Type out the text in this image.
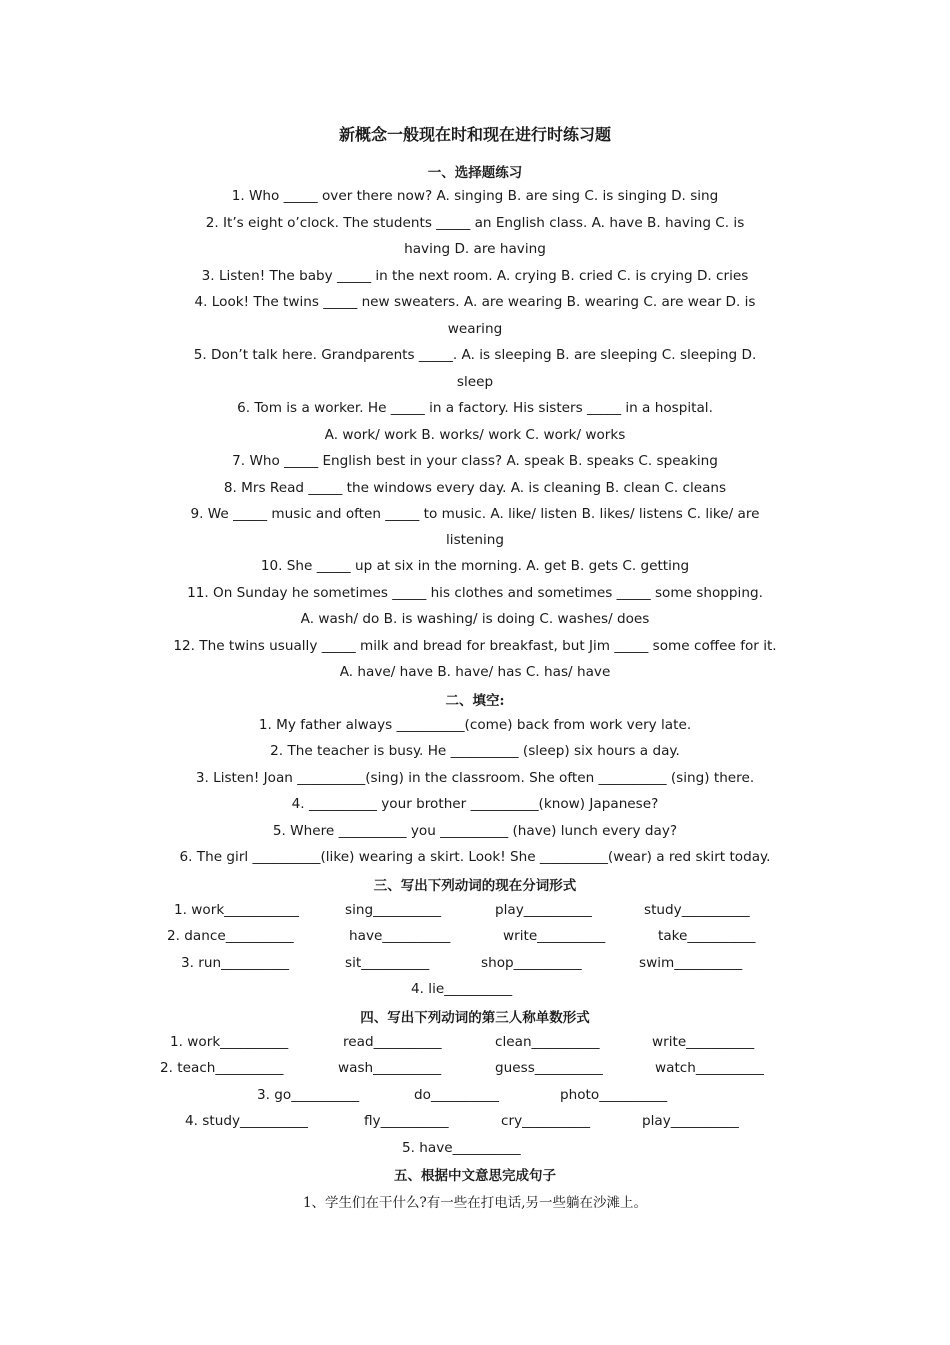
新概念一般现在时和现在进行时练习题
一、选择题练习
1. Who _____ over there now? A. singing B. are sing C. is singing D. sing
2. It’s eight o’clock. The students _____ an English class. A. have B. having C. is
having D. are having
3. Listen! The baby _____ in the next room. A. crying B. cried C. is crying D. cries
4. Look! The twins _____ new sweaters. A. are wearing B. wearing C. are wear D. is
wearing
5. Don’t talk here. Grandparents _____. A. is sleeping B. are sleeping C. sleeping D.
sleep
6. Tom is a worker. He _____ in a factory. His sisters _____ in a hospital.
A. work/ work B. works/ work C. work/ works
7. Who _____ English best in your class? A. speak B. speaks C. speaking
8. Mrs Read _____ the windows every day. A. is cleaning B. clean C. cleans
9. We _____ music and often _____ to music. A. like/ listen B. likes/ listens C. like/ are
listening
10. She _____ up at six in the morning. A. get B. gets C. getting
11. On Sunday he sometimes _____ his clothes and sometimes _____ some shopping.
A. wash/ do B. is washing/ is doing C. washes/ does
12. The twins usually _____ milk and bread for breakfast, but Jim _____ some coffee for it.
A. have/ have B. have/ has C. has/ have
二、填空:
1. My father always __________(come) back from work very late.
2. The teacher is busy. He __________ (sleep) six hours a day.
3. Listen! Joan __________(sing) in the classroom. She often __________ (sing) there.
4. __________ your brother __________(know) Japanese?
5. Where __________ you __________ (have) lunch every day?
6. The girl __________(like) wearing a skirt. Look! She __________(wear) a red skirt today.
三、写出下列动词的现在分词形式
1. work___________	sing__________	play__________	study__________
2. dance__________	have__________	write__________	take__________
3. run__________	sit__________	shop__________	swim__________
4. lie__________
四、写出下列动词的第三人称单数形式
1. work__________	read__________	clean__________	write__________
2. teach__________	wash__________	guess__________	watch__________
3. go__________	do__________	photo__________
4. study__________	fly__________	cry__________	play__________
5. have__________
五、根据中文意思完成句子
1、学生们在干什么?有一些在打电话,另一些躺在沙滩上。
